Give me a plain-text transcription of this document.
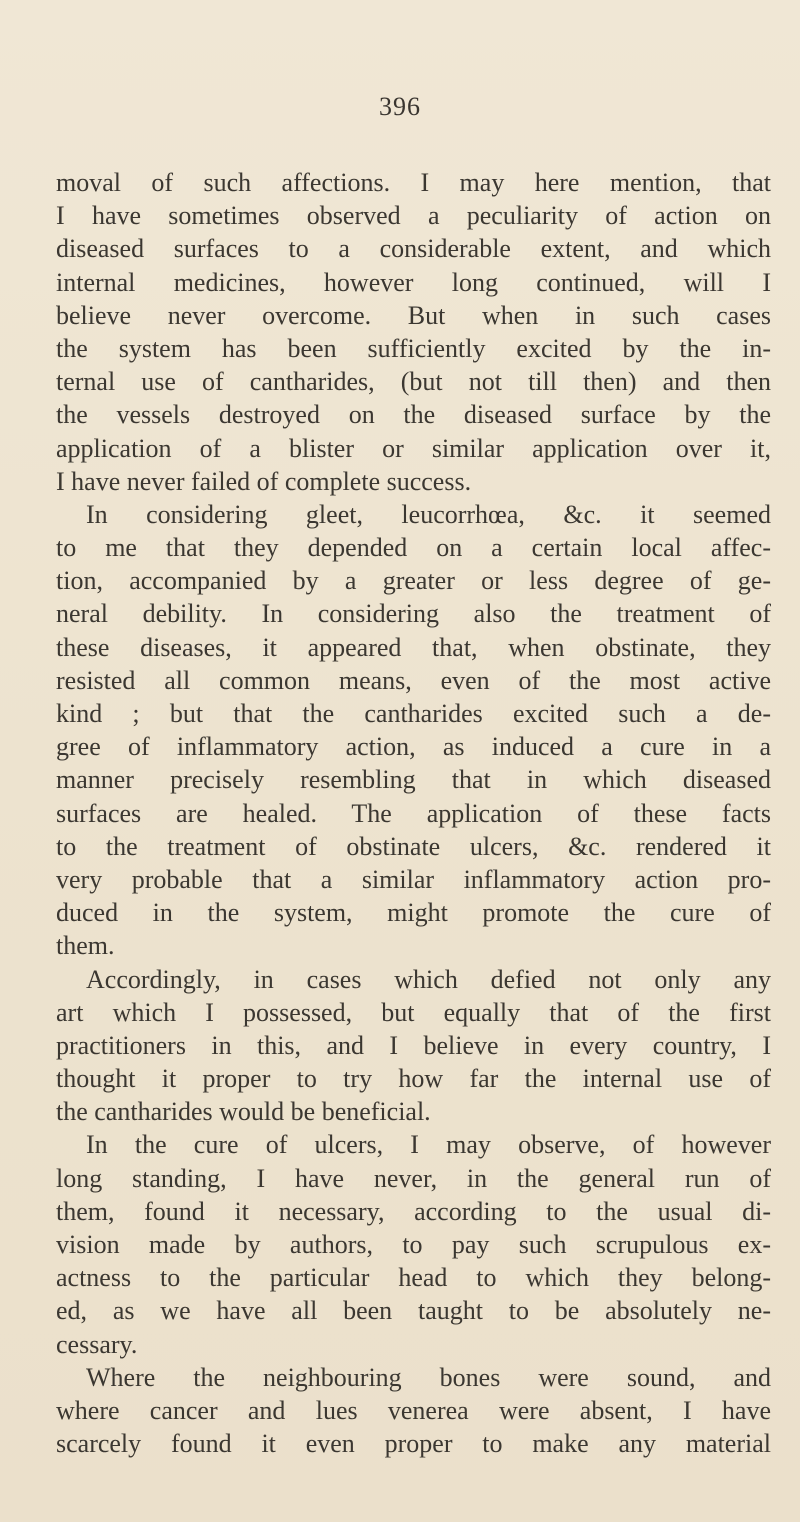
396
moval of such affections. I may here mention, that
I have sometimes observed a peculiarity of action on
diseased surfaces to a considerable extent, and which
internal medicines, however long continued, will I
believe never overcome. But when in such cases
the system has been sufficiently excited by the in-
ternal use of cantharides, (but not till then) and then
the vessels destroyed on the diseased surface by the
application of a blister or similar application over it,
I have never failed of complete success.
In considering gleet, leucorrhœa, &c. it seemed
to me that they depended on a certain local affec-
tion, accompanied by a greater or less degree of ge-
neral debility. In considering also the treatment of
these diseases, it appeared that, when obstinate, they
resisted all common means, even of the most active
kind ; but that the cantharides excited such a de-
gree of inflammatory action, as induced a cure in a
manner precisely resembling that in which diseased
surfaces are healed. The application of these facts
to the treatment of obstinate ulcers, &c. rendered it
very probable that a similar inflammatory action pro-
duced in the system, might promote the cure of
them.
Accordingly, in cases which defied not only any
art which I possessed, but equally that of the first
practitioners in this, and I believe in every country, I
thought it proper to try how far the internal use of
the cantharides would be beneficial.
In the cure of ulcers, I may observe, of however
long standing, I have never, in the general run of
them, found it necessary, according to the usual di-
vision made by authors, to pay such scrupulous ex-
actness to the particular head to which they belong-
ed, as we have all been taught to be absolutely ne-
cessary.
Where the neighbouring bones were sound, and
where cancer and lues venerea were absent, I have
scarcely found it even proper to make any material
